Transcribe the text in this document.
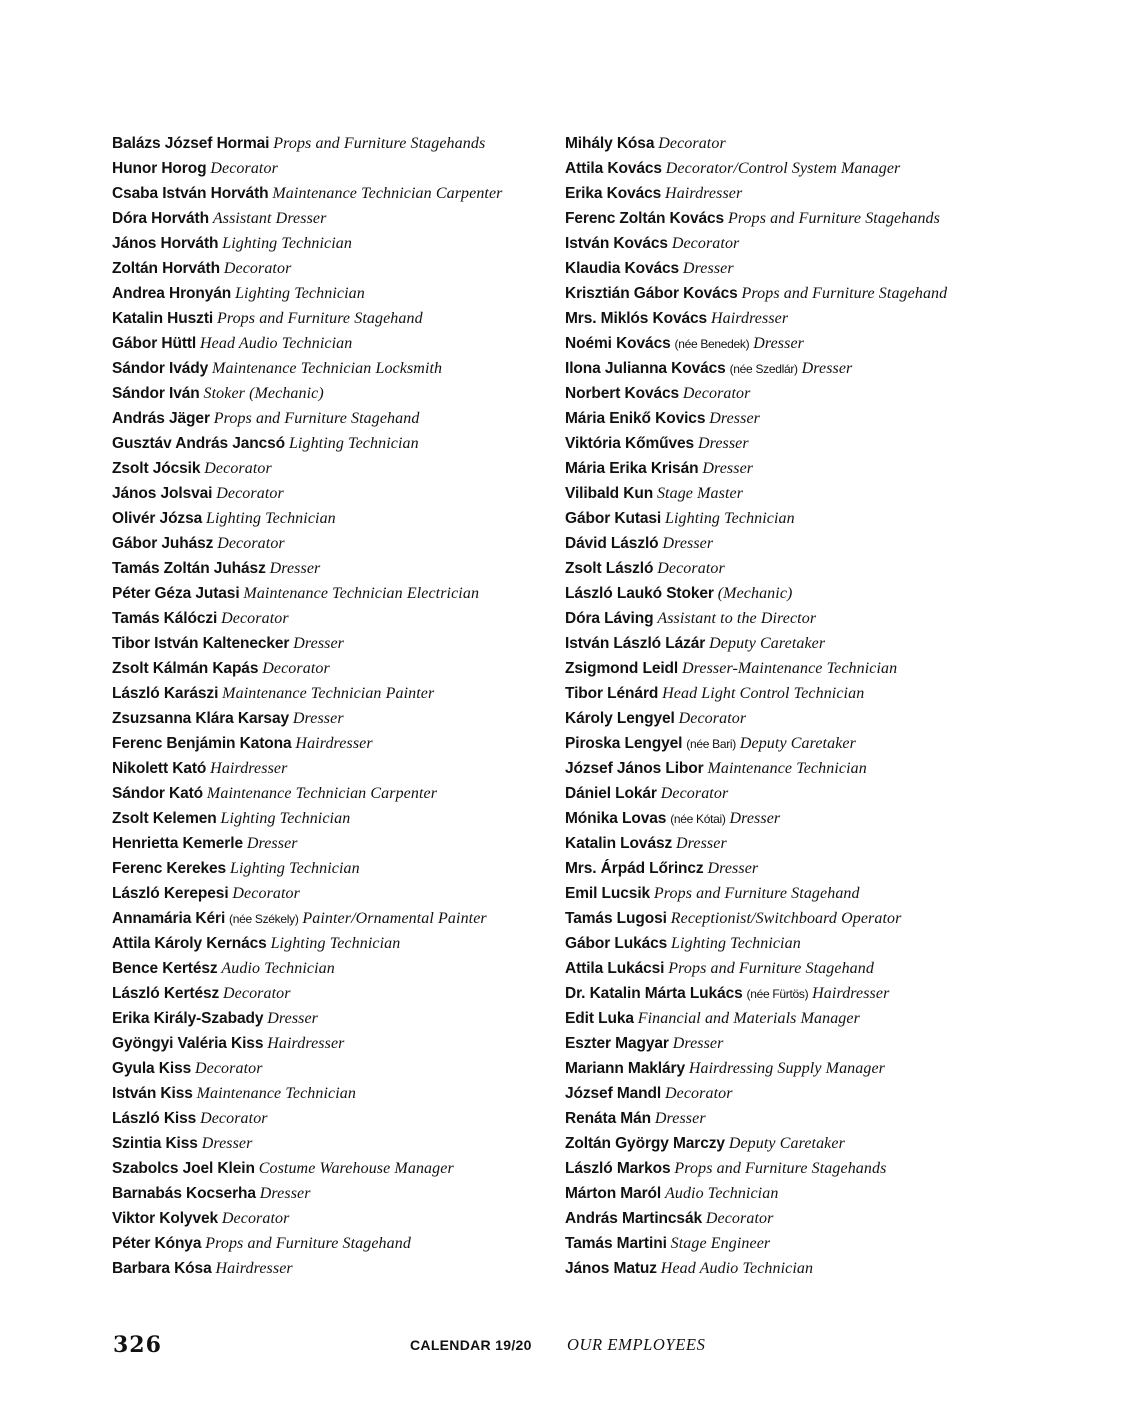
Balázs József Hormai Props and Furniture Stagehands
Hunor Horog Decorator
Csaba István Horváth Maintenance Technician Carpenter
Dóra Horváth Assistant Dresser
János Horváth Lighting Technician
Zoltán Horváth Decorator
Andrea Hronyán Lighting Technician
Katalin Huszti Props and Furniture Stagehand
Gábor Hüttl Head Audio Technician
Sándor Ivády Maintenance Technician Locksmith
Sándor Iván Stoker (Mechanic)
András Jäger Props and Furniture Stagehand
Gusztáv András Jancsó Lighting Technician
Zsolt Jócsik Decorator
János Jolsvai Decorator
Olivér Józsa Lighting Technician
Gábor Juhász Decorator
Tamás Zoltán Juhász Dresser
Péter Géza Jutasi Maintenance Technician Electrician
Tamás Kálóczi Decorator
Tibor István Kaltenecker Dresser
Zsolt Kálmán Kapás Decorator
László Karászi Maintenance Technician Painter
Zsuzsanna Klára Karsay Dresser
Ferenc Benjámin Katona Hairdresser
Nikolett Kató Hairdresser
Sándor Kató Maintenance Technician Carpenter
Zsolt Kelemen Lighting Technician
Henrietta Kemerle Dresser
Ferenc Kerekes Lighting Technician
László Kerepesi Decorator
Annamária Kéri (née Székely) Painter/Ornamental Painter
Attila Károly Kernács Lighting Technician
Bence Kertész Audio Technician
László Kertész Decorator
Erika Király-Szabady Dresser
Gyöngyi Valéria Kiss Hairdresser
Gyula Kiss Decorator
István Kiss Maintenance Technician
László Kiss Decorator
Szintia Kiss Dresser
Szabolcs Joel Klein Costume Warehouse Manager
Barnabás Kocserha Dresser
Viktor Kolyvek Decorator
Péter Kónya Props and Furniture Stagehand
Barbara Kósa Hairdresser
Mihály Kósa Decorator
Attila Kovács Decorator/Control System Manager
Erika Kovács Hairdresser
Ferenc Zoltán Kovács Props and Furniture Stagehands
István Kovács Decorator
Klaudia Kovács Dresser
Krisztián Gábor Kovács Props and Furniture Stagehand
Mrs. Miklós Kovács Hairdresser
Noémi Kovács (née Benedek) Dresser
Ilona Julianna Kovács (née Szedlár) Dresser
Norbert Kovács Decorator
Mária Enikő Kovics Dresser
Viktória Kőműves Dresser
Mária Erika Krisán Dresser
Vilibald Kun Stage Master
Gábor Kutasi Lighting Technician
Dávid László Dresser
Zsolt László Decorator
László Laukó Stoker (Mechanic)
Dóra Láving Assistant to the Director
István László Lázár Deputy Caretaker
Zsigmond Leidl Dresser-Maintenance Technician
Tibor Lénárd Head Light Control Technician
Károly Lengyel Decorator
Piroska Lengyel (née Bari) Deputy Caretaker
József János Libor Maintenance Technician
Dániel Lokár Decorator
Mónika Lovas (née Kótai) Dresser
Katalin Lovász Dresser
Mrs. Árpád Lőrincz Dresser
Emil Lucsik Props and Furniture Stagehand
Tamás Lugosi Receptionist/Switchboard Operator
Gábor Lukács Lighting Technician
Attila Lukácsi Props and Furniture Stagehand
Dr. Katalin Márta Lukács (née Fürtös) Hairdresser
Edit Luka Financial and Materials Manager
Eszter Magyar Dresser
Mariann Makláry Hairdressing Supply Manager
József Mandl Decorator
Renáta Mán Dresser
Zoltán György Marczy Deputy Caretaker
László Markos Props and Furniture Stagehands
Márton Maról Audio Technician
András Martincsák Decorator
Tamás Martini Stage Engineer
János Matuz Head Audio Technician
326	CALENDAR 19/20 OUR EMPLOYEES
